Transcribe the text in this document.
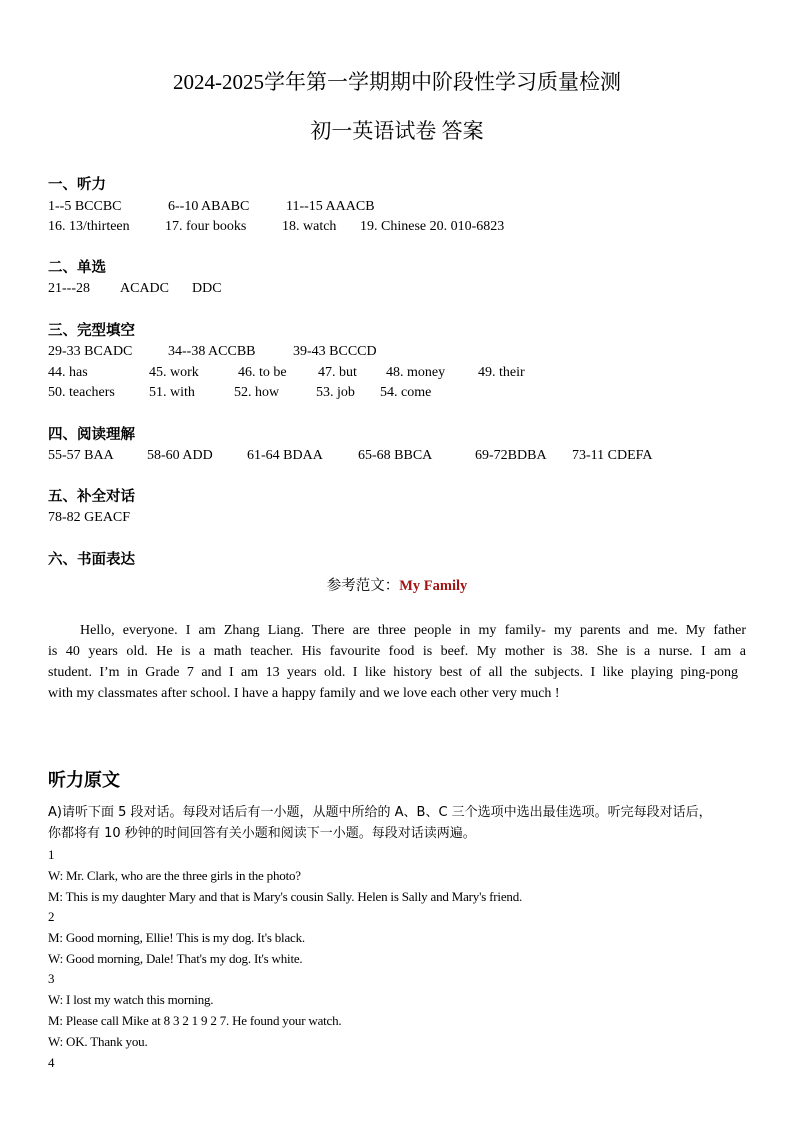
2024-2025学年第一学期期中阶段性学习质量检测
初一英语试卷 答案
一、听力
1--5 BCCBC	6--10 ABABC	11--15 AAACB
16. 13/thirteen	17. four books	18. watch 19. Chinese 20. 010-6823
二、单选
21---28 ACADC DDC
三、完型填空
29-33 BCADC	34--38 ACCBB	39-43 BCCCD
44. has	45. work	46. to be 47. but 48. money 49. their
50. teachers 51. with	52. how	53. job 54. come
四、阅读理解
55-57 BAA 58-60 ADD 61-64 BDAA	65-68 BBCA	69-72BDBA 73-11 CDEFA
五、补全对话
78-82 GEACF
六、书面表达
参考范文：My Family
Hello, everyone. I am Zhang Liang. There are three people in my family- my parents and me. My father
is 40 years old. He is a math teacher. His favourite food is beef. My mother is 38. She is a nurse. I am a
student. I’m in Grade 7 and I am 13 years old. I like history best of all the subjects. I like playing ping-pong
with my classmates after school. I have a happy family and we love each other very much !
听力原文
A)请听下面 5 段对话。每段对话后有一小题，从题中所给的 A、B、C 三个选项中选出最佳选项。听完每段对话后，
你都将有 10 秒钟的时间回答有关小题和阅读下一小题。每段对话读两遍。
1
W: Mr. Clark, who are the three girls in the photo?
M: This is my daughter Mary and that is Mary's cousin Sally. Helen is Sally and Mary's friend.
2
M: Good morning, Ellie! This is my dog. It's black.
W: Good morning, Dale! That's my dog. It's white.
3
W: I lost my watch this morning.
M: Please call Mike at 8 3 2 1 9 2 7. He found your watch.
W: OK. Thank you.
4
